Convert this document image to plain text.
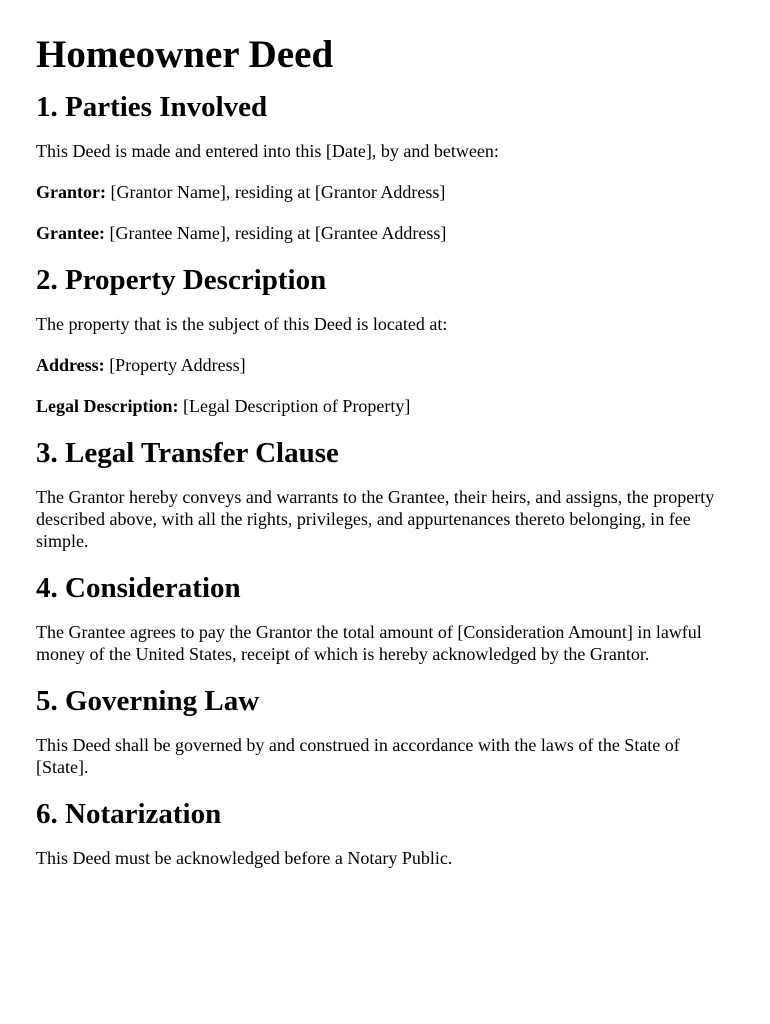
Homeowner Deed
1. Parties Involved

This Deed is made and entered into this [Date], by and between:

Grantor: [Grantor Name], residing at [Grantor Address]

Grantee: [Grantee Name], residing at [Grantee Address]

2. Property Description

The property that is the subject of this Deed is located at:

Address: [Property Address]

Legal Description: [Legal Description of Property]

3. Legal Transfer Clause

The Grantor hereby conveys and warrants to the Grantee, their heirs, and assigns, the property described above, with all the rights, privileges, and appurtenances thereto belonging, in fee simple.

4. Consideration

The Grantee agrees to pay the Grantor the total amount of [Consideration Amount] in lawful money of the United States, receipt of which is hereby acknowledged by the Grantor.

5. Governing Law

This Deed shall be governed by and construed in accordance with the laws of the State of [State].

6. Notarization

This Deed must be acknowledged before a Notary Public.
